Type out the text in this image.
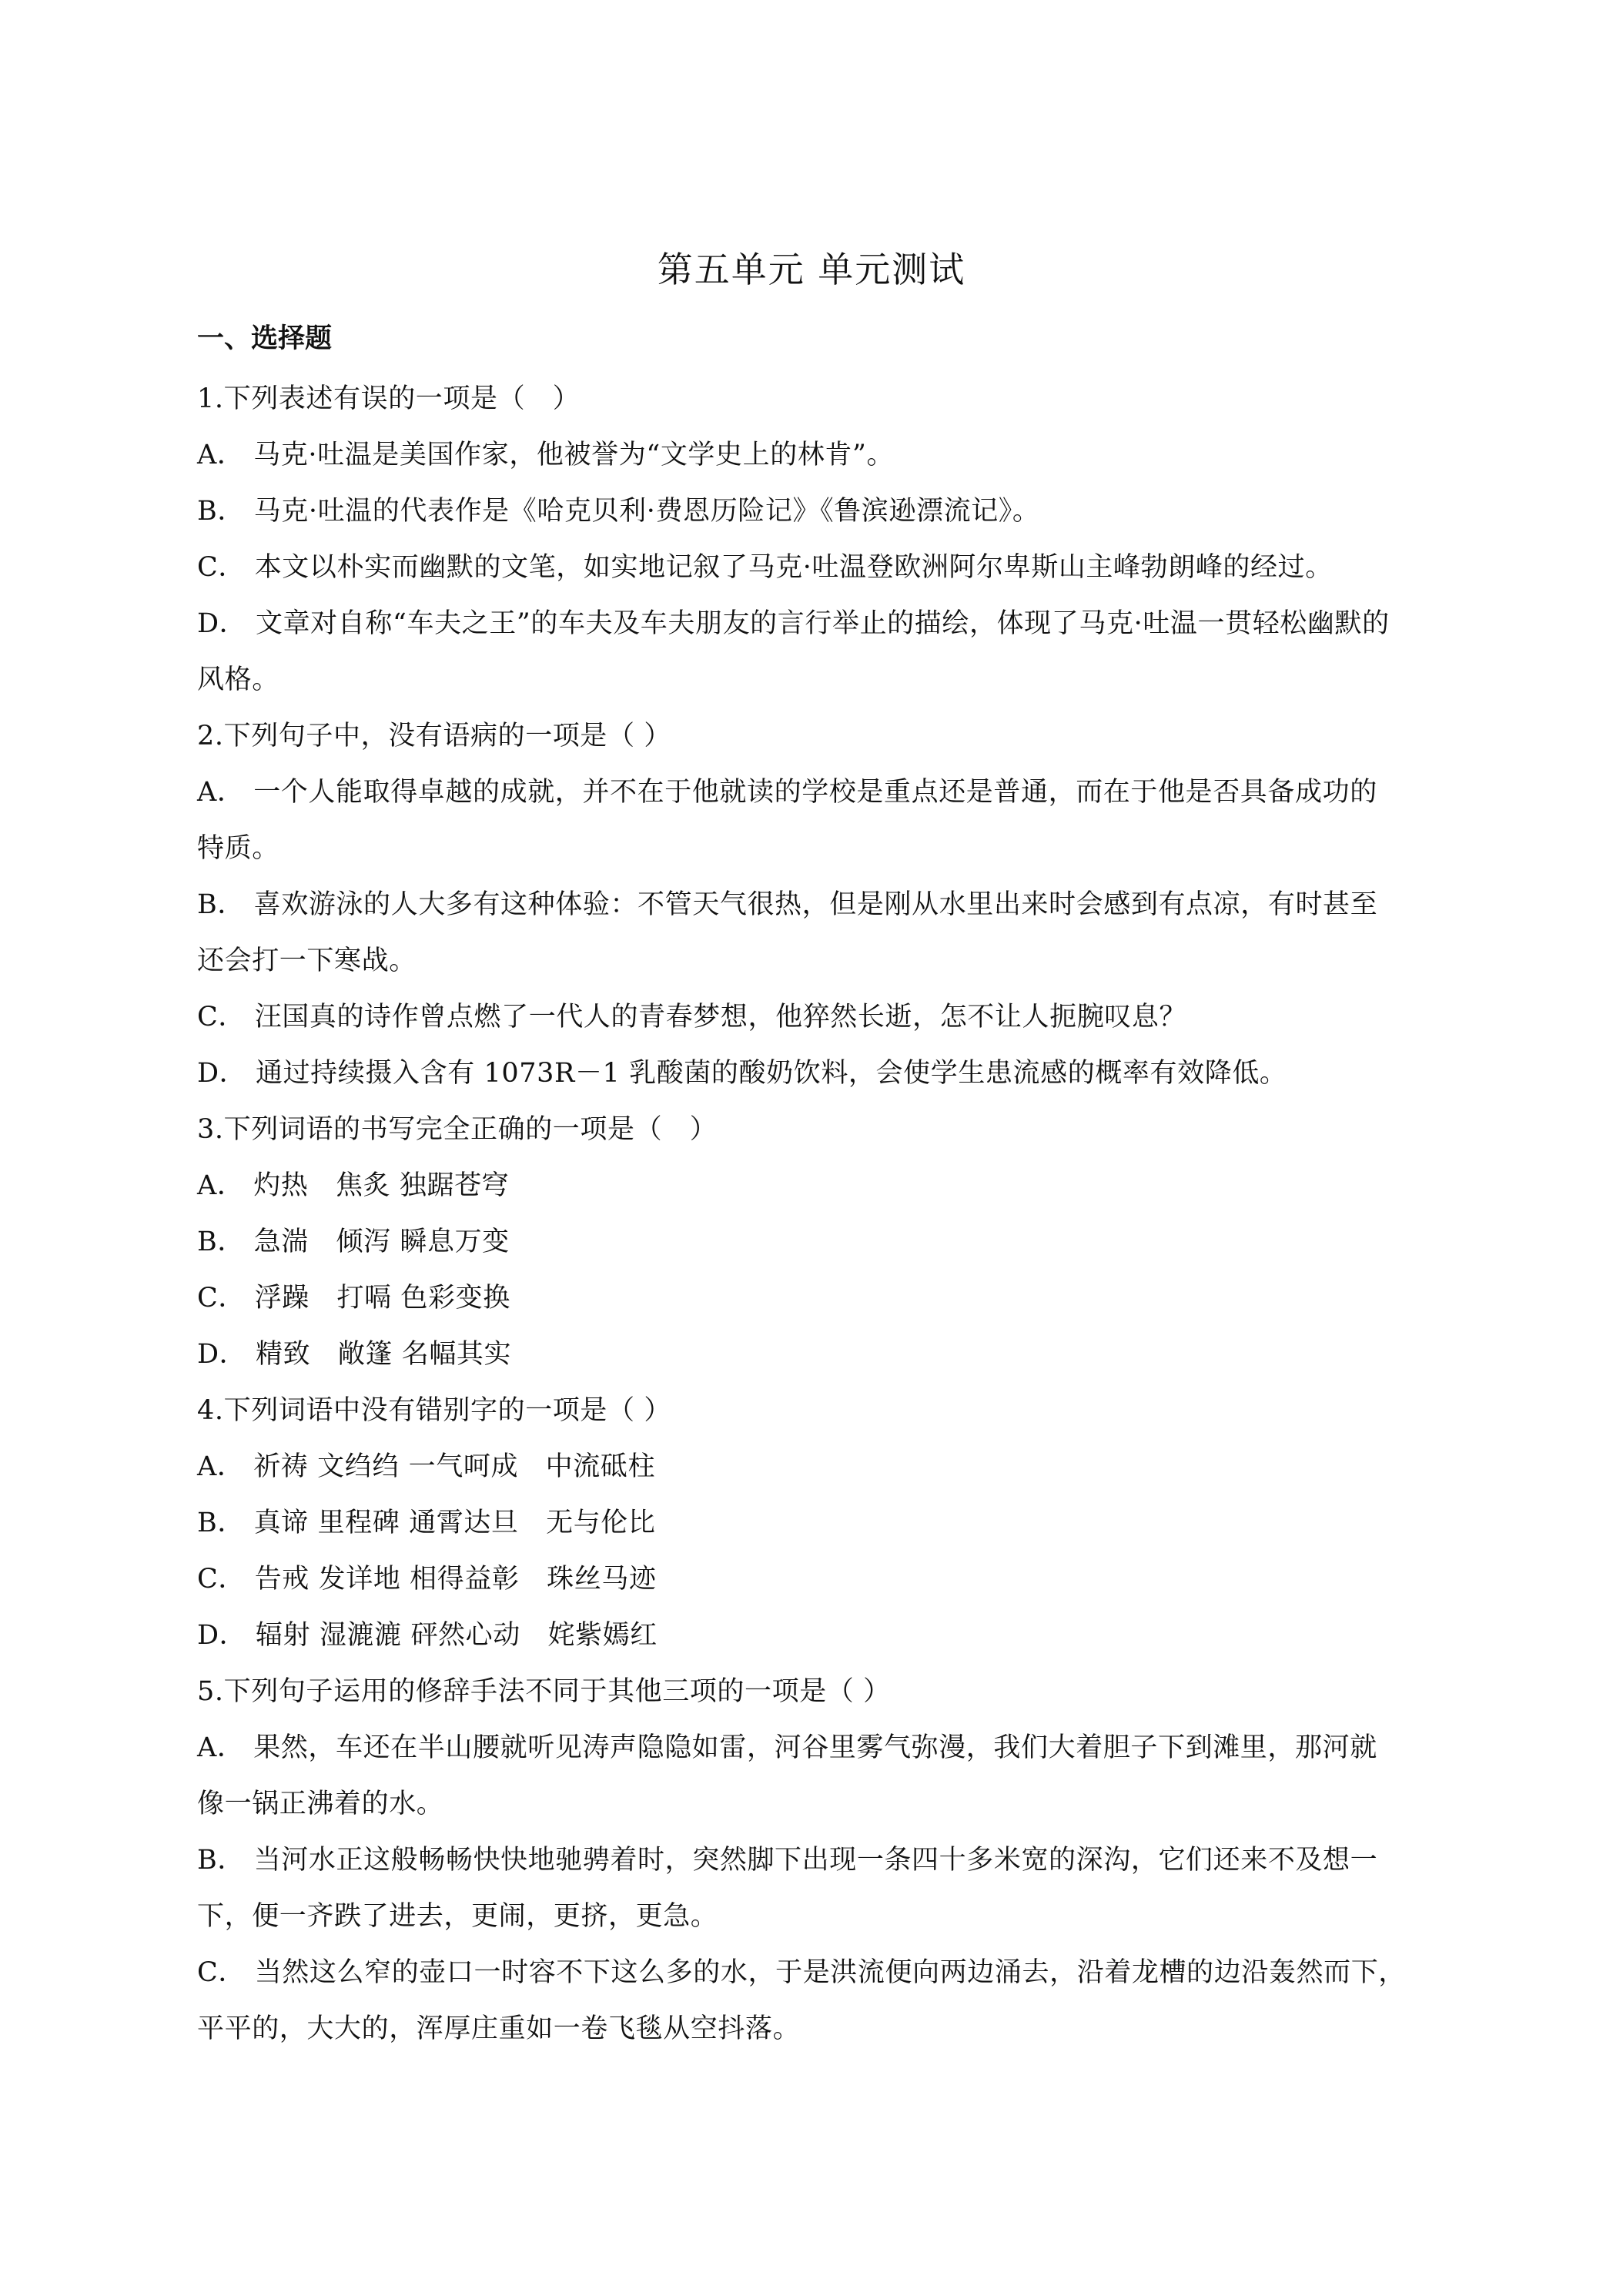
第五单元 单元测试
一、选择题
1.下列表述有误的一项是（　）
A． 马克·吐温是美国作家，他被誉为“文学史上的林肯”。
B． 马克·吐温的代表作是《哈克贝利·费恩历险记》《鲁滨逊漂流记》。
C． 本文以朴实而幽默的文笔，如实地记叙了马克·吐温登欧洲阿尔卑斯山主峰勃朗峰的经过。
D． 文章对自称“车夫之王”的车夫及车夫朋友的言行举止的描绘，体现了马克·吐温一贯轻松幽默的
风格。
2.下列句子中，没有语病的一项是（ ）
A． 一个人能取得卓越的成就，并不在于他就读的学校是重点还是普通，而在于他是否具备成功的
特质。
B． 喜欢游泳的人大多有这种体验：不管天气很热，但是刚从水里出来时会感到有点凉，有时甚至
还会打一下寒战。
C． 汪国真的诗作曾点燃了一代人的青春梦想，他猝然长逝，怎不让人扼腕叹息？
D． 通过持续摄入含有 1073R－1 乳酸菌的酸奶饮料，会使学生患流感的概率有效降低。
3.下列词语的书写完全正确的一项是（　）
A． 灼热　焦炙 独踞苍穹
B． 急湍　倾泻 瞬息万变
C． 浮躁　打嗝 色彩变换
D． 精致　敞篷 名幅其实
4.下列词语中没有错别字的一项是（ ）
A． 祈祷 文绉绉 一气呵成　中流砥柱
B． 真谛 里程碑 通霄达旦　无与伦比
C． 告戒 发详地 相得益彰　珠丝马迹
D． 辐射 湿漉漉 砰然心动　姹紫嫣红
5.下列句子运用的修辞手法不同于其他三项的一项是（ ）
A． 果然，车还在半山腰就听见涛声隐隐如雷，河谷里雾气弥漫，我们大着胆子下到滩里，那河就
像一锅正沸着的水。
B． 当河水正这般畅畅快快地驰骋着时，突然脚下出现一条四十多米宽的深沟，它们还来不及想一
下，便一齐跌了进去，更闹，更挤，更急。
C． 当然这么窄的壶口一时容不下这么多的水，于是洪流便向两边涌去，沿着龙槽的边沿轰然而下，
平平的，大大的，浑厚庄重如一卷飞毯从空抖落。
